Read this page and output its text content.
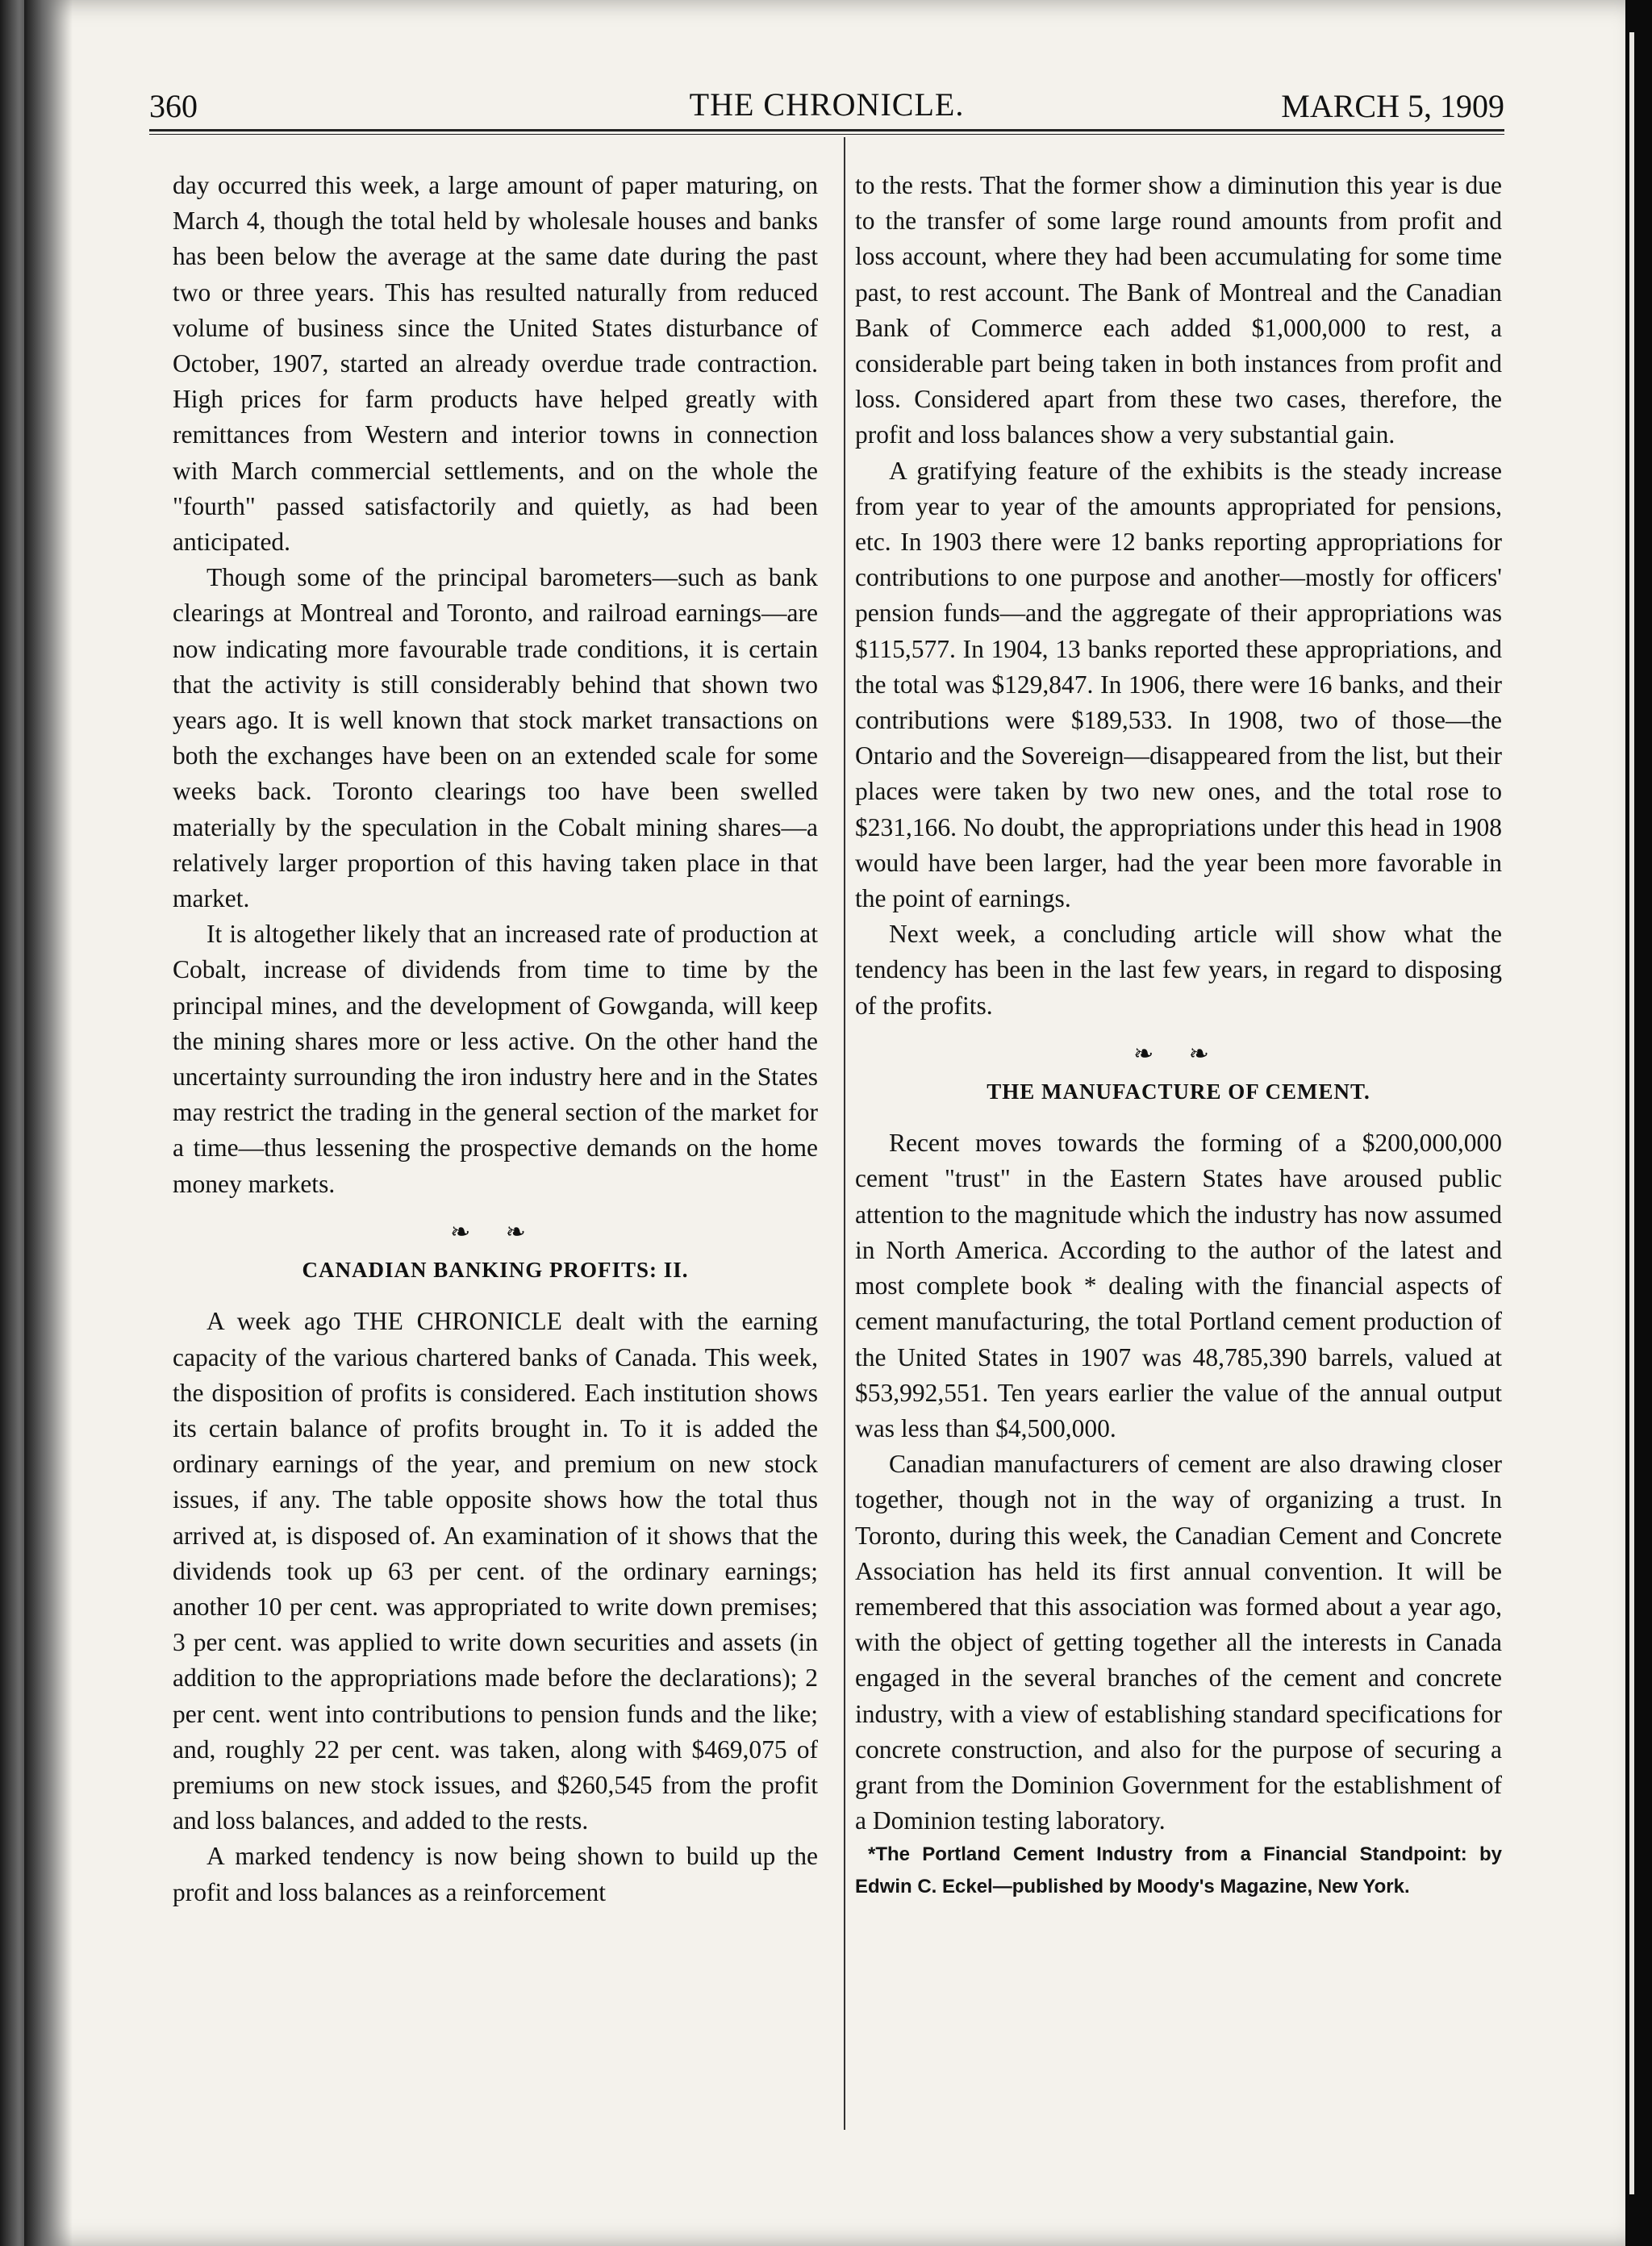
360	THE CHRONICLE.	MARCH 5, 1909

day occurred this week, a large amount of paper maturing, on March 4, though the total held by wholesale houses and banks has been below the average at the same date during the past two or three years. This has resulted naturally from reduced volume of business since the United States disturbance of October, 1907, started an already overdue trade contraction. High prices for farm products have helped greatly with remittances from Western and interior towns in connection with March commercial settlements, and on the whole the "fourth" passed satisfactorily and quietly, as had been anticipated.

Though some of the principal barometers—such as bank clearings at Montreal and Toronto, and railroad earnings—are now indicating more favourable trade conditions, it is certain that the activity is still considerably behind that shown two years ago. It is well known that stock market transactions on both the exchanges have been on an extended scale for some weeks back. Toronto clearings too have been swelled materially by the speculation in the Cobalt mining shares—a relatively larger proportion of this having taken place in that market.

It is altogether likely that an increased rate of production at Cobalt, increase of dividends from time to time by the principal mines, and the development of Gowganda, will keep the mining shares more or less active. On the other hand the uncertainty surrounding the iron industry here and in the States may restrict the trading in the general section of the market for a time—thus lessening the prospective demands on the home money markets.

❧ ❧
CANADIAN BANKING PROFITS: II.

A week ago THE CHRONICLE dealt with the earning capacity of the various chartered banks of Canada. This week, the disposition of profits is considered. Each institution shows its certain balance of profits brought in. To it is added the ordinary earnings of the year, and premium on new stock issues, if any. The table opposite shows how the total thus arrived at, is disposed of. An examination of it shows that the dividends took up 63 per cent. of the ordinary earnings; another 10 per cent. was appropriated to write down premises; 3 per cent. was applied to write down securities and assets (in addition to the appropriations made before the declarations); 2 per cent. went into contributions to pension funds and the like; and, roughly 22 per cent. was taken, along with $469,075 of premiums on new stock issues, and $260,545 from the profit and loss balances, and added to the rests.

A marked tendency is now being shown to build up the profit and loss balances as a reinforcement

to the rests. That the former show a diminution this year is due to the transfer of some large round amounts from profit and loss account, where they had been accumulating for some time past, to rest account. The Bank of Montreal and the Canadian Bank of Commerce each added $1,000,000 to rest, a considerable part being taken in both instances from profit and loss. Considered apart from these two cases, therefore, the profit and loss balances show a very substantial gain.

A gratifying feature of the exhibits is the steady increase from year to year of the amounts appropriated for pensions, etc. In 1903 there were 12 banks reporting appropriations for contributions to one purpose and another—mostly for officers' pension funds—and the aggregate of their appropriations was $115,577. In 1904, 13 banks reported these appropriations, and the total was $129,847. In 1906, there were 16 banks, and their contributions were $189,533. In 1908, two of those—the Ontario and the Sovereign—disappeared from the list, but their places were taken by two new ones, and the total rose to $231,166. No doubt, the appropriations under this head in 1908 would have been larger, had the year been more favorable in the point of earnings.

Next week, a concluding article will show what the tendency has been in the last few years, in regard to disposing of the profits.

❧ ❧
THE MANUFACTURE OF CEMENT.

Recent moves towards the forming of a $200,000,000 cement "trust" in the Eastern States have aroused public attention to the magnitude which the industry has now assumed in North America. According to the author of the latest and most complete book * dealing with the financial aspects of cement manufacturing, the total Portland cement production of the United States in 1907 was 48,785,390 barrels, valued at $53,992,551. Ten years earlier the value of the annual output was less than $4,500,000.

Canadian manufacturers of cement are also drawing closer together, though not in the way of organizing a trust. In Toronto, during this week, the Canadian Cement and Concrete Association has held its first annual convention. It will be remembered that this association was formed about a year ago, with the object of getting together all the interests in Canada engaged in the several branches of the cement and concrete industry, with a view of establishing standard specifications for concrete construction, and also for the purpose of securing a grant from the Dominion Government for the establishment of a Dominion testing laboratory.

*The Portland Cement Industry from a Financial Standpoint: by Edwin C. Eckel—published by Moody's Magazine, New York.
